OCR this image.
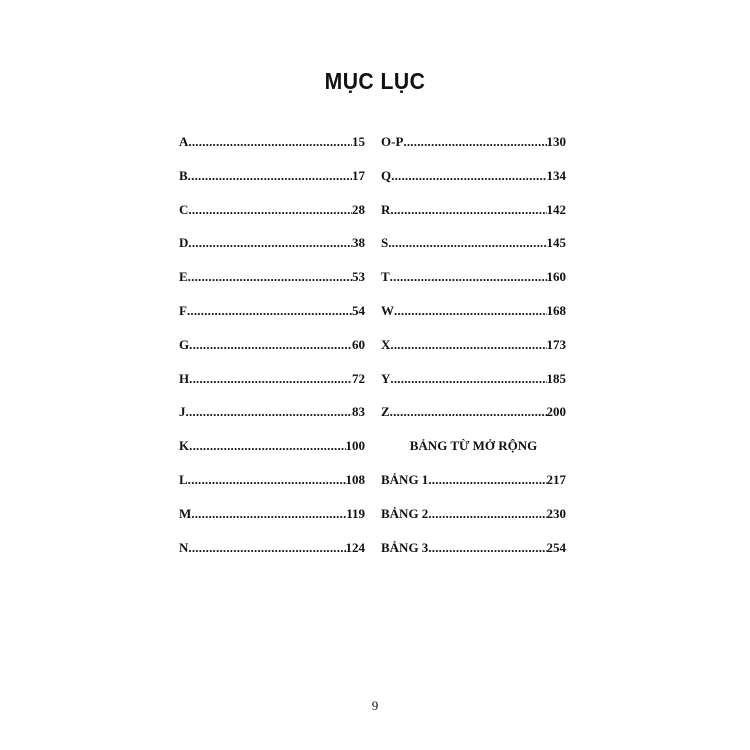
MỤC LỤC
A .....	15
B .....	17
C .....	28
D .....	38
E .....	53
F .....	54
G .....	60
H .....	72
J .....	83
K .....	100
L .....	108
M .....	119
N .....	124
O-P .....	130
Q .....	134
R .....	142
S .....	145
T .....	160
W .....	168
X .....	173
Y .....	185
Z .....	200
BẢNG TỪ MỞ RỘNG
BẢNG 1 .....	217
BẢNG 2 .....	230
BẢNG 3 .....	254
9
